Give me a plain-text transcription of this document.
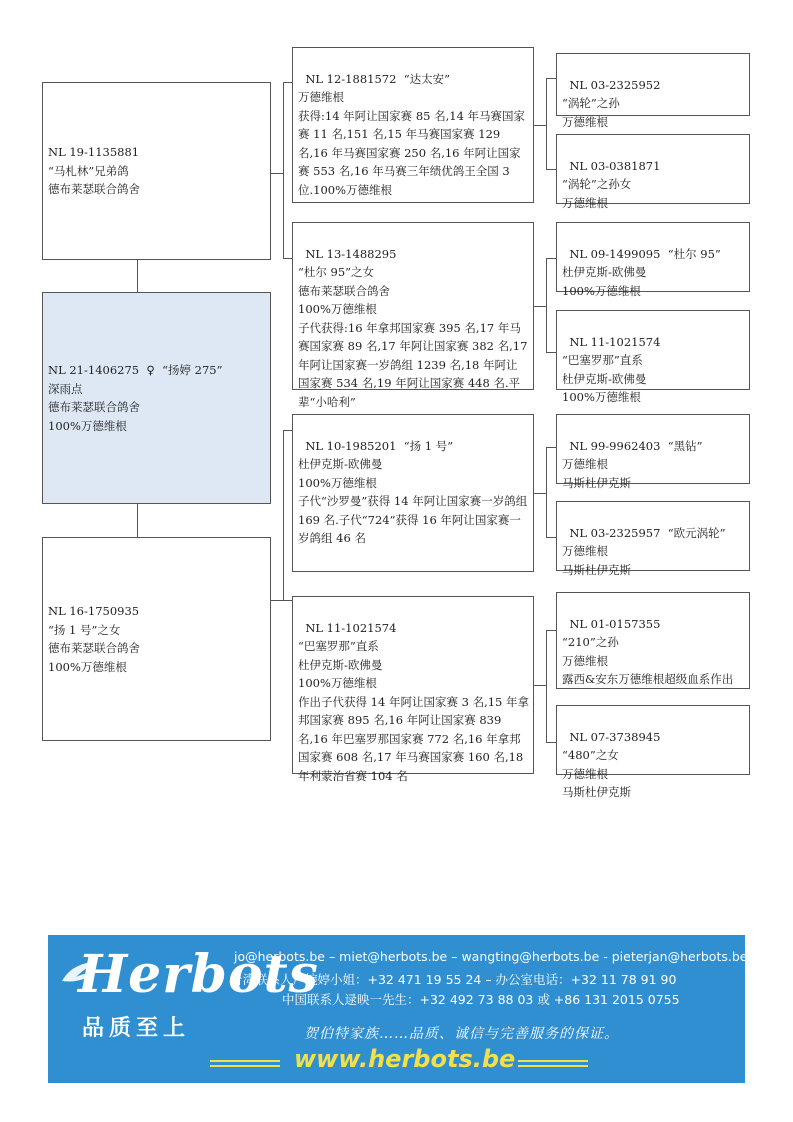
NL 19-1135881
“马札林”兄弟鸽
德布莱瑟联合鸽舍
NL 21-1406275  ♀  “扬婷 275”
深雨点
德布莱瑟联合鸽舍
100%万德维根
NL 16-1750935
“扬 1 号”之女
德布莱瑟联合鸽舍
100%万德维根

NL 12-1881572  “达太安”
万德维根
获得:14 年阿让国家赛 85 名,14 年马赛国家赛 11 名,151 名,15 年马赛国家赛 129 名,16 年马赛国家赛 250 名,16 年阿让国家赛 553 名,16 年马赛三年绩优鸽王全国 3 位.100%万德维根

NL 13-1488295
“杜尔 95”之女
德布莱瑟联合鸽舍
100%万德维根
子代获得:16 年拿邦国家赛 395 名,17 年马赛国家赛 89 名,17 年阿让国家赛 382 名,17 年阿让国家赛一岁鸽组 1239 名,18 年阿让国家赛 534 名,19 年阿让国家赛 448 名.平辈“小哈利”

NL 10-1985201  “扬 1 号”
杜伊克斯-欧佛曼
100%万德维根
子代“沙罗曼”获得 14 年阿让国家赛一岁鸽组 169 名.子代“724”获得 16 年阿让国家赛一岁鸽组 46 名

NL 11-1021574
“巴塞罗那”直系
杜伊克斯-欧佛曼
100%万德维根
作出子代获得 14 年阿让国家赛 3 名,15 年拿邦国家赛 895 名,16 年阿让国家赛 839 名,16 年巴塞罗那国家赛 772 名,16 年拿邦国家赛 608 名,17 年马赛国家赛 160 名,18 年利蒙治省赛 104 名

NL 03-2325952
“涡轮”之孙
万德维根

NL 03-0381871
“涡轮”之孙女
万德维根

NL 09-1499095  “杜尔 95”
杜伊克斯-欧佛曼
100%万德维根

NL 11-1021574
“巴塞罗那”直系
杜伊克斯-欧佛曼
100%万德维根

NL 99-9962403  “黑钻”
万德维根
马斯杜伊克斯

NL 03-2325957  “欧元涡轮”
万德维根
马斯杜伊克斯

NL 01-0157355
“210”之孙
万德维根
露西&安东万德维根超级血系作出

NL 07-3738945
“480”之女
万德维根
马斯杜伊克斯

Herbots
品质至上
jo@herbots.be – miet@herbots.be – wangting@herbots.be - pieterjan@herbots.be
台湾联系人卢婉婷小姐：+32 471 19 55 24 – 办公室电话：+32 11 78 91 90
中国联系人逯映一先生：+32 492 73 88 03 或 +86 131 2015 0755
贺伯特家族……品质、诚信与完善服务的保证。
www.herbots.be
